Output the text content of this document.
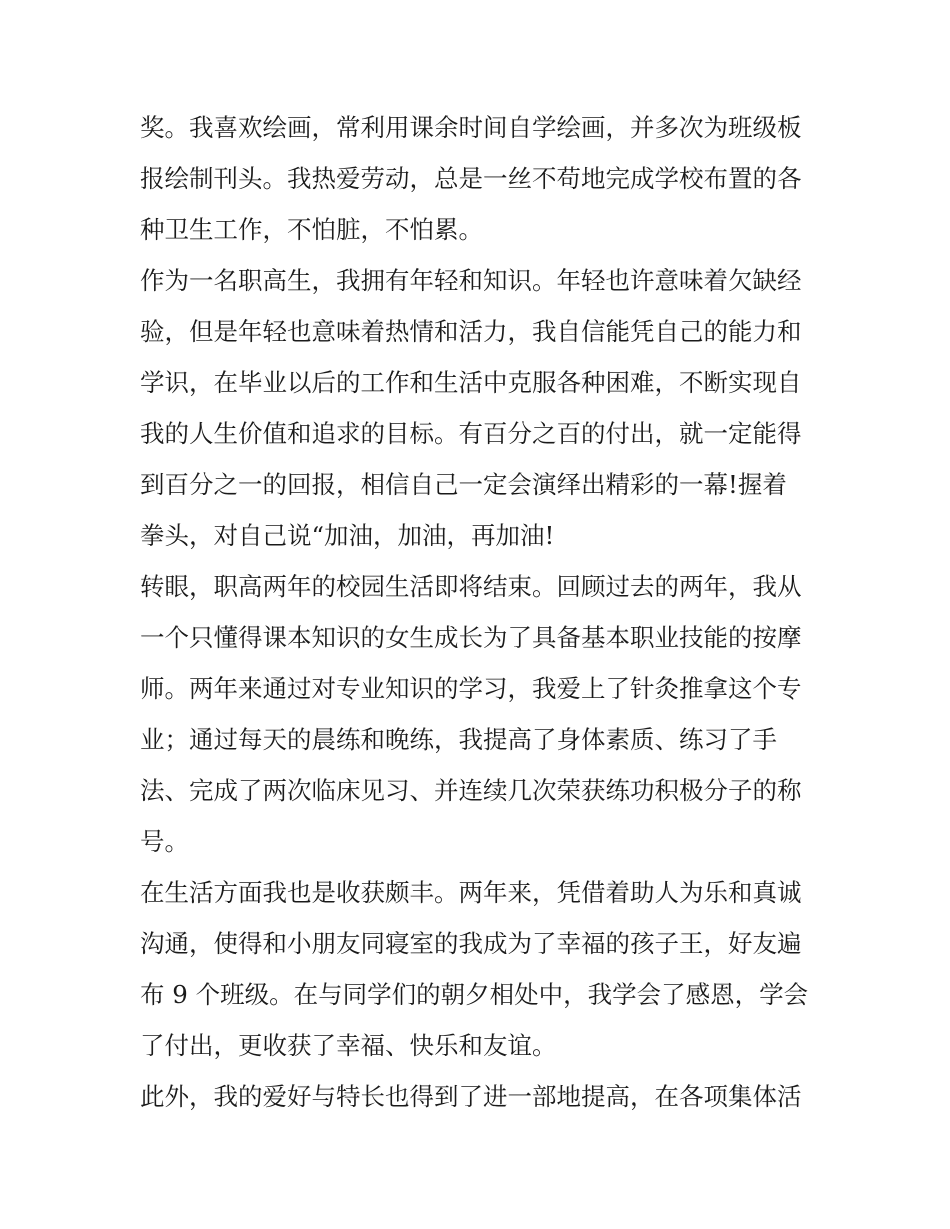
奖。我喜欢绘画，常利用课余时间自学绘画，并多次为班级板
报绘制刊头。我热爱劳动，总是一丝不苟地完成学校布置的各
种卫生工作，不怕脏，不怕累。
作为一名职高生，我拥有年轻和知识。年轻也许意味着欠缺经
验，但是年轻也意味着热情和活力，我自信能凭自己的能力和
学识，在毕业以后的工作和生活中克服各种困难，不断实现自
我的人生价值和追求的目标。有百分之百的付出，就一定能得
到百分之一的回报，相信自己一定会演绎出精彩的一幕!握着
拳头，对自己说“加油，加油，再加油!
转眼，职高两年的校园生活即将结束。回顾过去的两年，我从
一个只懂得课本知识的女生成长为了具备基本职业技能的按摩
师。两年来通过对专业知识的学习，我爱上了针灸推拿这个专
业；通过每天的晨练和晚练，我提高了身体素质、练习了手
法、完成了两次临床见习、并连续几次荣获练功积极分子的称
号。
在生活方面我也是收获颇丰。两年来，凭借着助人为乐和真诚
沟通，使得和小朋友同寝室的我成为了幸福的孩子王，好友遍
布 9 个班级。在与同学们的朝夕相处中，我学会了感恩，学会
了付出，更收获了幸福、快乐和友谊。
此外，我的爱好与特长也得到了进一部地提高，在各项集体活
